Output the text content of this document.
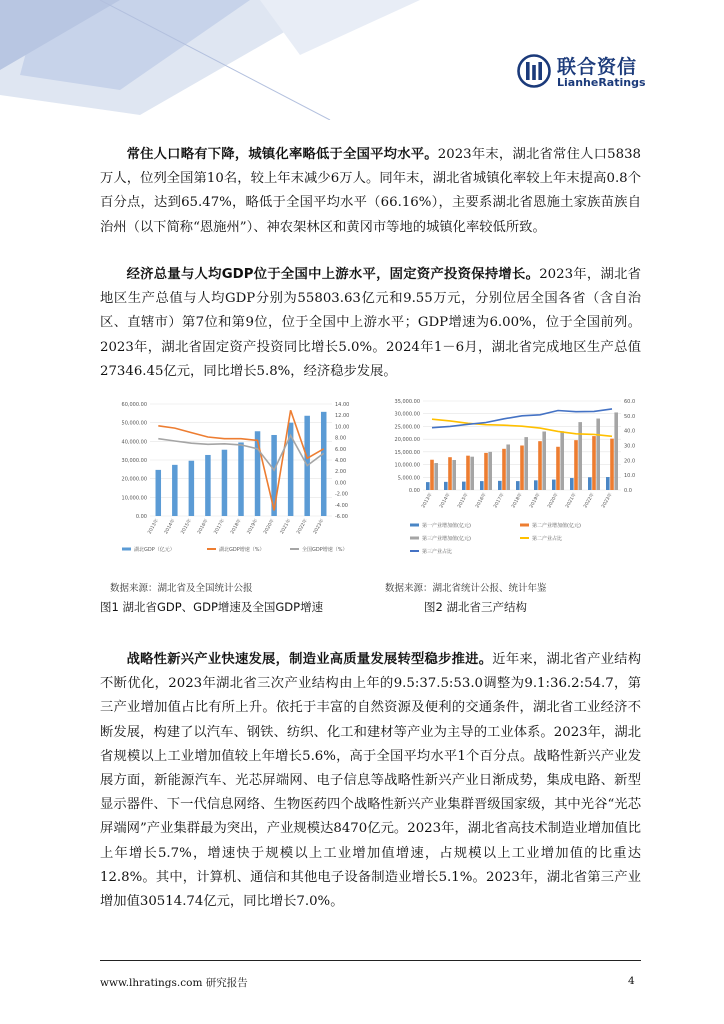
联合资信
LianheRatings

常住人口略有下降，城镇化率略低于全国平均水平。2023年末，湖北省常住人口5838万人，位列全国第10名，较上年末减少6万人。同年末，湖北省城镇化率较上年末提高0.8个百分点，达到65.47%，略低于全国平均水平（66.16%），主要系湖北省恩施土家族苗族自治州（以下简称“恩施州”）、神农架林区和黄冈市等地的城镇化率较低所致。

经济总量与人均GDP位于全国中上游水平，固定资产投资保持增长。2023年，湖北省地区生产总值与人均GDP分别为55803.63亿元和9.55万元，分别位居全国各省（含自治区、直辖市）第7位和第9位，位于全国中上游水平；GDP增速为6.00%，位于全国前列。2023年，湖北省固定资产投资同比增长5.0%。2024年1－6月，湖北省完成地区生产总值27346.45亿元，同比增长5.8%，经济稳步发展。

60,000.00
50,000.00
40,000.00
30,000.00
20,000.00
10,000.00
0.00
14.00
12.00
10.00
8.00
6.00
4.00
2.00
0.00
-2.00
-4.00
-6.00
2013年 2014年 2015年 2016年 2017年 2018年 2019年 2020年 2021年 2022年 2023年
湖北GDP（亿元）	湖北GDP增速（%）	全国GDP增速（%）
35,000.00
30,000.00
25,000.00
20,000.00
15,000.00
10,000.00
5,000.00
0.00
60.0
50.0
40.0
30.0
20.0
10.0
0.0
2013年	2014年	2015年	2016年	2017年	2018年	2019年	2020年	2021年	2022年	2023年
第一产业增加值(亿元)	第二产业增加值(亿元)
第三产业增加值(亿元)	第二产业占比
第三产业占比
数据来源：湖北省及全国统计公报	数据来源：湖北省统计公报、统计年鉴
图1 湖北省GDP、GDP增速及全国GDP增速	图2 湖北省三产结构

战略性新兴产业快速发展，制造业高质量发展转型稳步推进。近年来，湖北省产业结构不断优化，2023年湖北省三次产业结构由上年的9.5:37.5:53.0调整为9.1:36.2:54.7，第三产业增加值占比有所上升。依托于丰富的自然资源及便利的交通条件，湖北省工业经济不断发展，构建了以汽车、钢铁、纺织、化工和建材等产业为主导的工业体系。2023年，湖北省规模以上工业增加值较上年增长5.6%，高于全国平均水平1个百分点。战略性新兴产业发展方面，新能源汽车、光芯屏端网、电子信息等战略性新兴产业日渐成势，集成电路、新型显示器件、下一代信息网络、生物医药四个战略性新兴产业集群晋级国家级，其中光谷“光芯屏端网”产业集群最为突出，产业规模达8470亿元。2023年，湖北省高技术制造业增加值比上年增长5.7%，增速快于规模以上工业增加值增速，占规模以上工业增加值的比重达12.8%。其中，计算机、通信和其他电子设备制造业增长5.1%。2023年，湖北省第三产业增加值30514.74亿元，同比增长7.0%。

www.lhratings.com 研究报告	4
